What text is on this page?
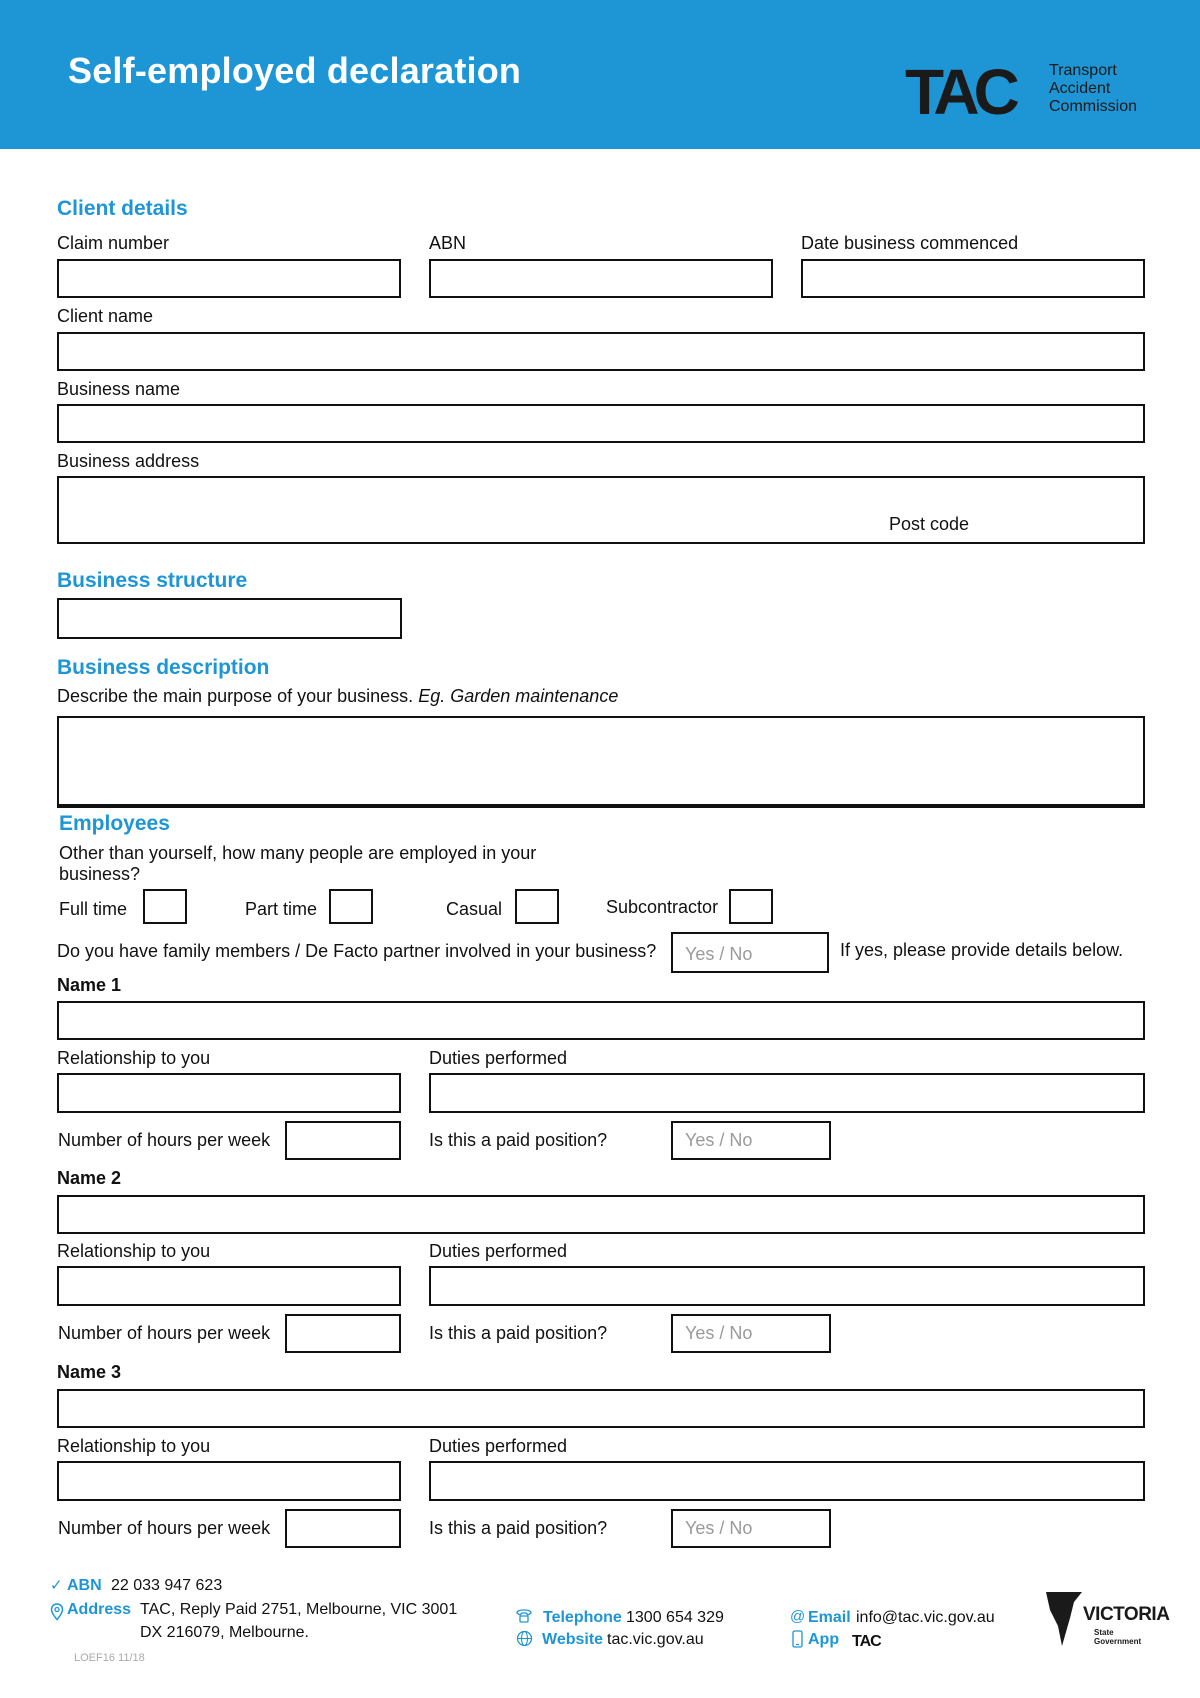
Self-employed declaration	TAC Transport
Accident
Commission
Client details
Claim number	ABN	Date business commenced
Client name
Business name
Business address
Post code
Business structure
Business description
Describe the main purpose of your business. Eg. Garden maintenance
Employees
Other than yourself, how many people are employed in your
business?
Full time	Part time	Casual	Subcontractor
Do you have family members / De Facto partner involved in your business? Yes / No	If yes, please provide details below.
Name 1
Relationship to you	Duties performed
Number of hours per week	Is this a paid position?	Yes / No
Name 2
Relationship to you	Duties performed
Number of hours per week	Is this a paid position?	Yes / No
Name 3
Relationship to you	Duties performed
Number of hours per week	Is this a paid position?	Yes / No
✓ ABN 22 033 947 623
Address TAC, Reply Paid 2751, Melbourne, VIC 3001
DX 216079, Melbourne.
Telephone 1300 654 329
Website tac.vic.gov.au
@ Email info@tac.vic.gov.au
App TAC
VICTORIA
State
Government
LOEF16 11/18
